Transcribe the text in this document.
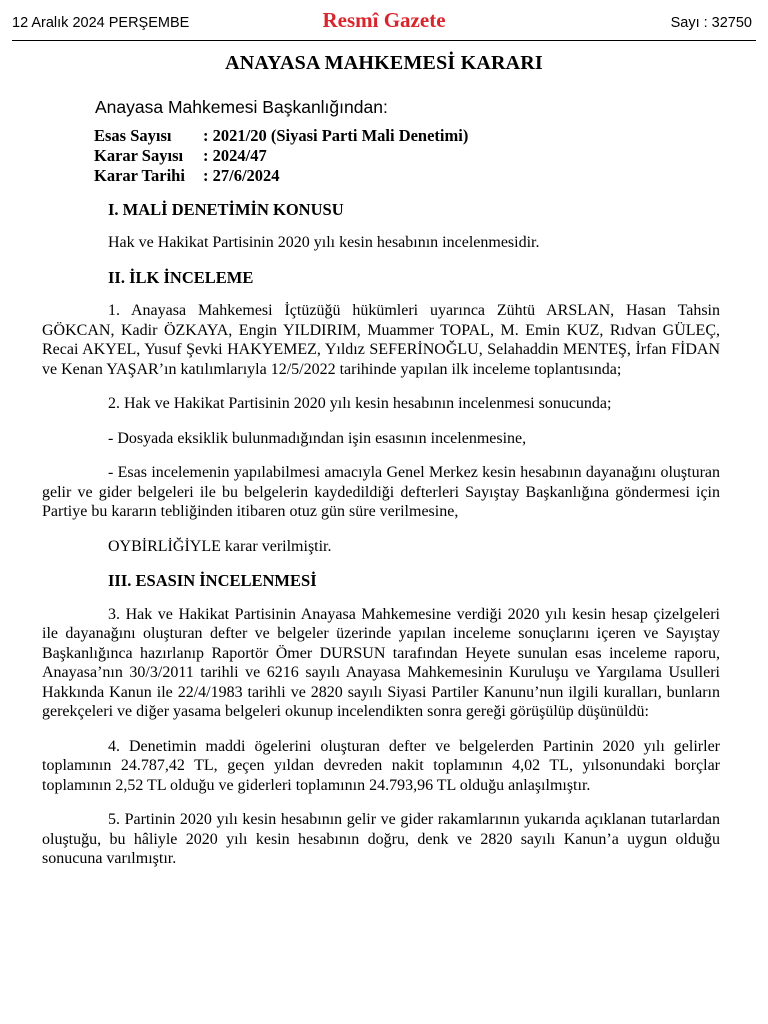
12 Aralık 2024 PERŞEMBE	Resmî Gazete	Sayı : 32750
ANAYASA MAHKEMESİ KARARI
Anayasa Mahkemesi Başkanlığından:
Esas Sayısı	: 2021/20 (Siyasi Parti Mali Denetimi)
Karar Sayısı	: 2024/47
Karar Tarihi	: 27/6/2024
I. MALİ DENETİMİN KONUSU

Hak ve Hakikat Partisinin 2020 yılı kesin hesabının incelenmesidir.

II. İLK İNCELEME

1. Anayasa Mahkemesi İçtüzüğü hükümleri uyarınca Zühtü ARSLAN, Hasan Tahsin GÖKCAN, Kadir ÖZKAYA, Engin YILDIRIM, Muammer TOPAL, M. Emin KUZ, Rıdvan GÜLEÇ, Recai AKYEL, Yusuf Şevki HAKYEMEZ, Yıldız SEFERİNOĞLU, Selahaddin MENTEŞ, İrfan FİDAN ve Kenan YAŞAR’ın katılımlarıyla 12/5/2022 tarihinde yapılan ilk inceleme toplantısında;

2. Hak ve Hakikat Partisinin 2020 yılı kesin hesabının incelenmesi sonucunda;

- Dosyada eksiklik bulunmadığından işin esasının incelenmesine,

- Esas incelemenin yapılabilmesi amacıyla Genel Merkez kesin hesabının dayanağını oluşturan gelir ve gider belgeleri ile bu belgelerin kaydedildiği defterleri Sayıştay Başkanlığına göndermesi için Partiye bu kararın tebliğinden itibaren otuz gün süre verilmesine,

OYBİRLİĞİYLE karar verilmiştir.

III. ESASIN İNCELENMESİ

3. Hak ve Hakikat Partisinin Anayasa Mahkemesine verdiği 2020 yılı kesin hesap çizelgeleri ile dayanağını oluşturan defter ve belgeler üzerinde yapılan inceleme sonuçlarını içeren ve Sayıştay Başkanlığınca hazırlanıp Raportör Ömer DURSUN tarafından Heyete sunulan esas inceleme raporu, Anayasa’nın 30/3/2011 tarihli ve 6216 sayılı Anayasa Mahkemesinin Kuruluşu ve Yargılama Usulleri Hakkında Kanun ile 22/4/1983 tarihli ve 2820 sayılı Siyasi Partiler Kanunu’nun ilgili kuralları, bunların gerekçeleri ve diğer yasama belgeleri okunup incelendikten sonra gereği görüşülüp düşünüldü:

4. Denetimin maddi ögelerini oluşturan defter ve belgelerden Partinin 2020 yılı gelirler toplamının 24.787,42 TL, geçen yıldan devreden nakit toplamının 4,02 TL, yılsonundaki borçlar toplamının 2,52 TL olduğu ve giderleri toplamının 24.793,96 TL olduğu anlaşılmıştır.

5. Partinin 2020 yılı kesin hesabının gelir ve gider rakamlarının yukarıda açıklanan tutarlardan oluştuğu, bu hâliyle 2020 yılı kesin hesabının doğru, denk ve 2820 sayılı Kanun’a uygun olduğu sonucuna varılmıştır.
